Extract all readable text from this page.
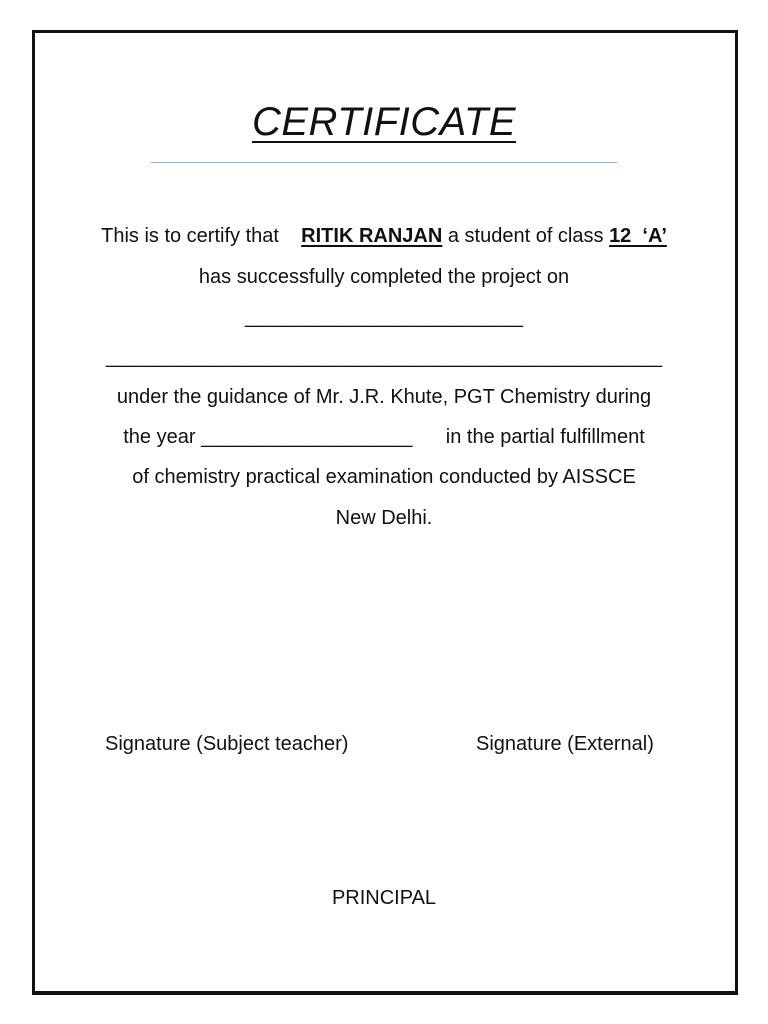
CERTIFICATE
This is to certify that    RITIK RANJAN a student of class 12  ‘A’
has successfully completed the project on
_________________________
__________________________________________________
under the guidance of Mr. J.R. Khute, PGT Chemistry during
the year ___________________      in the partial fulfillment
of chemistry practical examination conducted by AISSCE
New Delhi.
Signature (Subject teacher)	Signature (External)
PRINCIPAL
